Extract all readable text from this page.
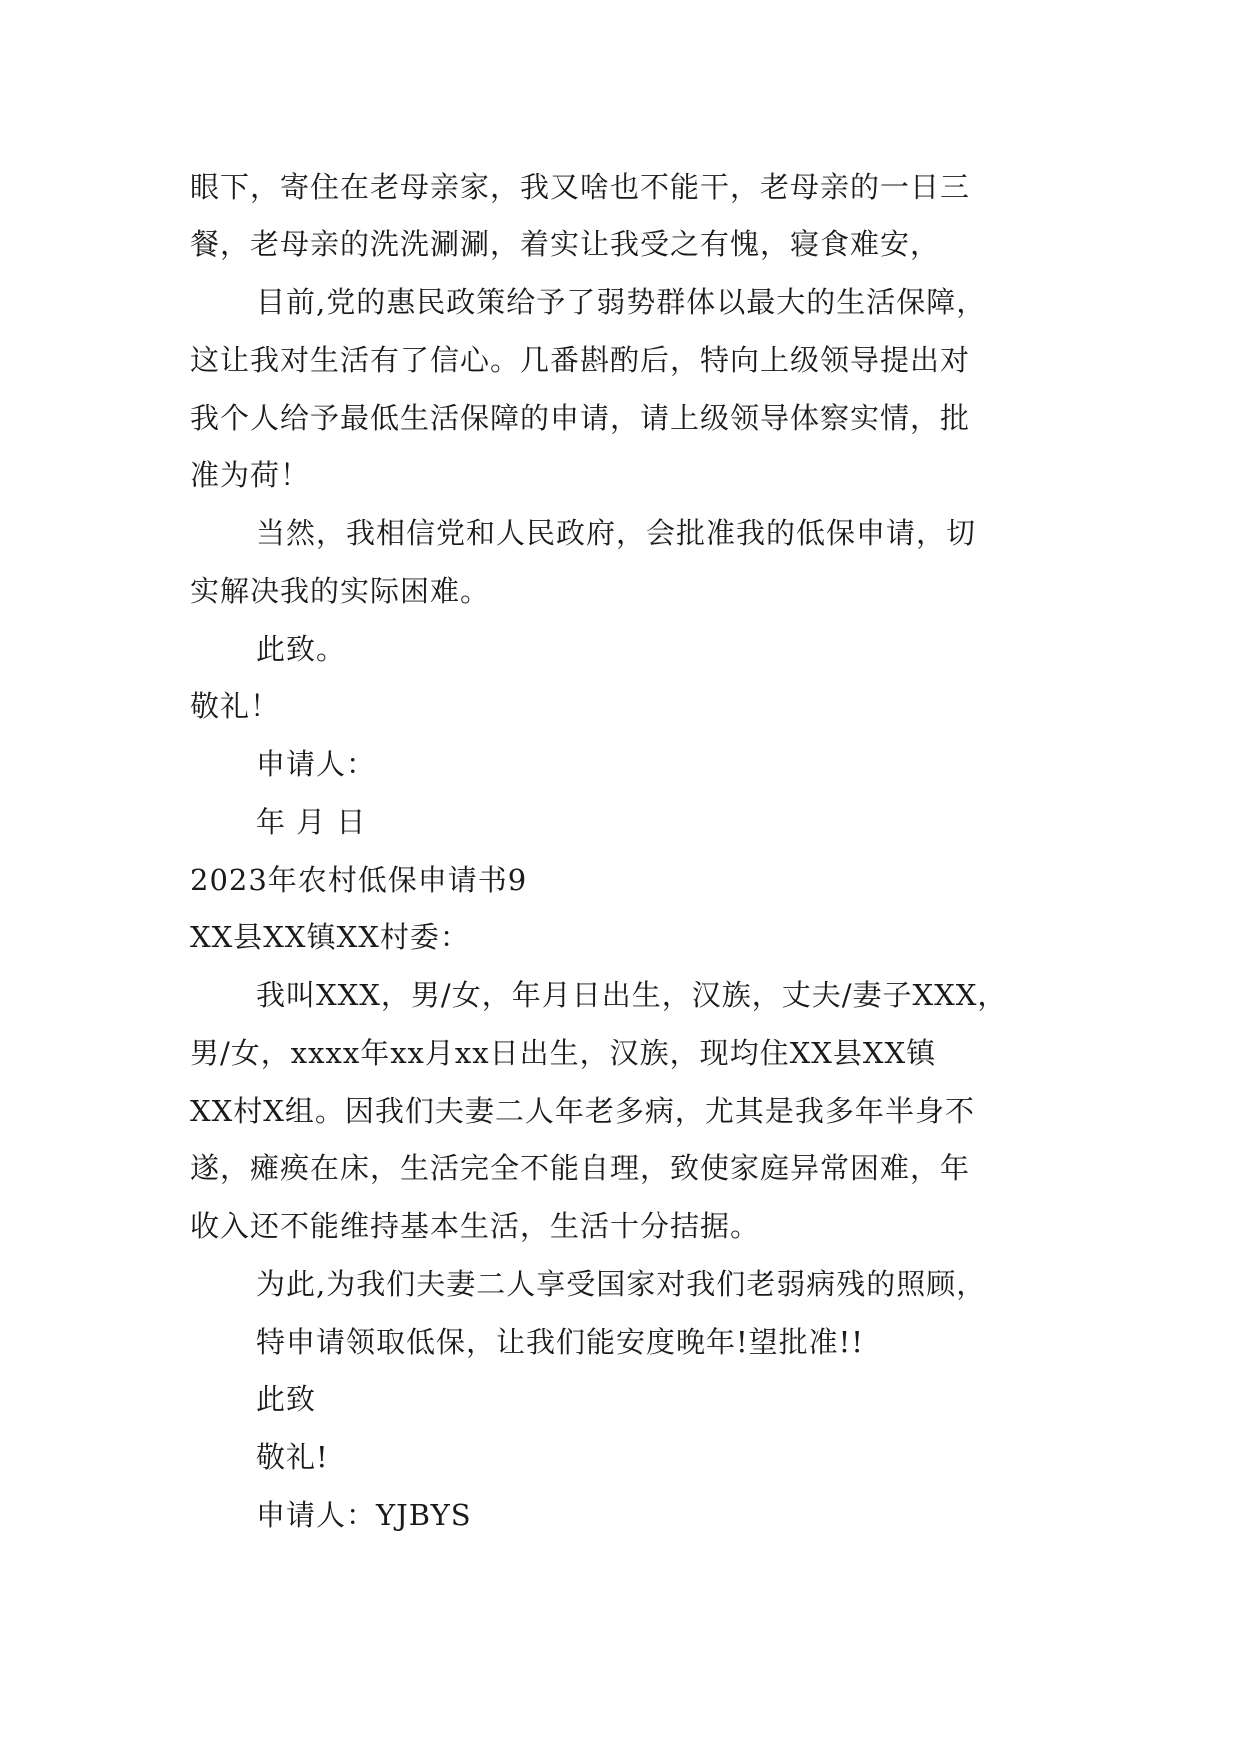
眼下，寄住在老母亲家，我又啥也不能干，老母亲的一日三
餐，老母亲的洗洗涮涮，着实让我受之有愧，寝食难安，
目前,党的惠民政策给予了弱势群体以最大的生活保障，
这让我对生活有了信心。几番斟酌后，特向上级领导提出对
我个人给予最低生活保障的申请，请上级领导体察实情，批
准为荷！
当然，我相信党和人民政府，会批准我的低保申请，切
实解决我的实际困难。
此致。
敬礼！
申请人：
年 月 日
2023年农村低保申请书9
XX县XX镇XX村委：
我叫XXX，男/女，年月日出生，汉族，丈夫/妻子XXX，
男/女，xxxx年xx月xx日出生，汉族，现均住XX县XX镇
XX村X组。因我们夫妻二人年老多病，尤其是我多年半身不
遂，瘫痪在床，生活完全不能自理，致使家庭异常困难，年
收入还不能维持基本生活，生活十分拮据。
为此,为我们夫妻二人享受国家对我们老弱病残的照顾，
特申请领取低保，让我们能安度晚年!望批准!!
此致
敬礼!
申请人：YJBYS
